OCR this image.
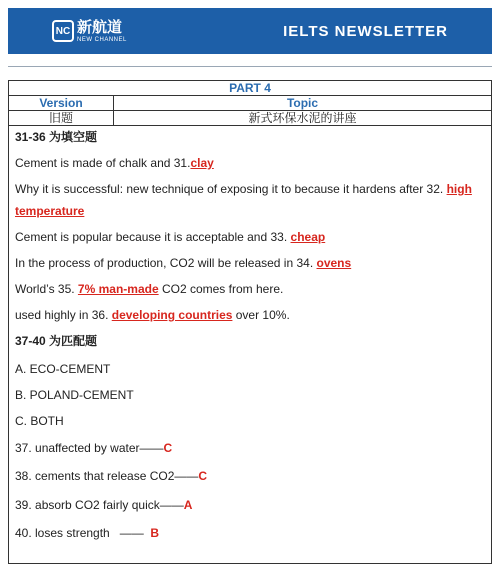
NC 新航道
NEW CHANNEL	IELTS NEWSLETTER
PART 4	
Version	Topic
旧题	新式环保水泥的讲座
31-36 为填空题
Cement is made of chalk and 31.clay
Why it is successful: new technique of exposing it to because it hardens after 32. high
temperature
Cement is popular because it is acceptable and 33. cheap
In the process of production, CO2 will be released in 34. ovens
World’s 35. 7% man-made CO2 comes from here.
used highly in 36. developing countries over 10%.
37-40 为匹配题
A. ECO-CEMENT
B. POLAND-CEMENT
C. BOTH
37. unaffected by water——C
38. cements that release CO2——C
39. absorb CO2 fairly quick——A
40. loses strength   ——  B
